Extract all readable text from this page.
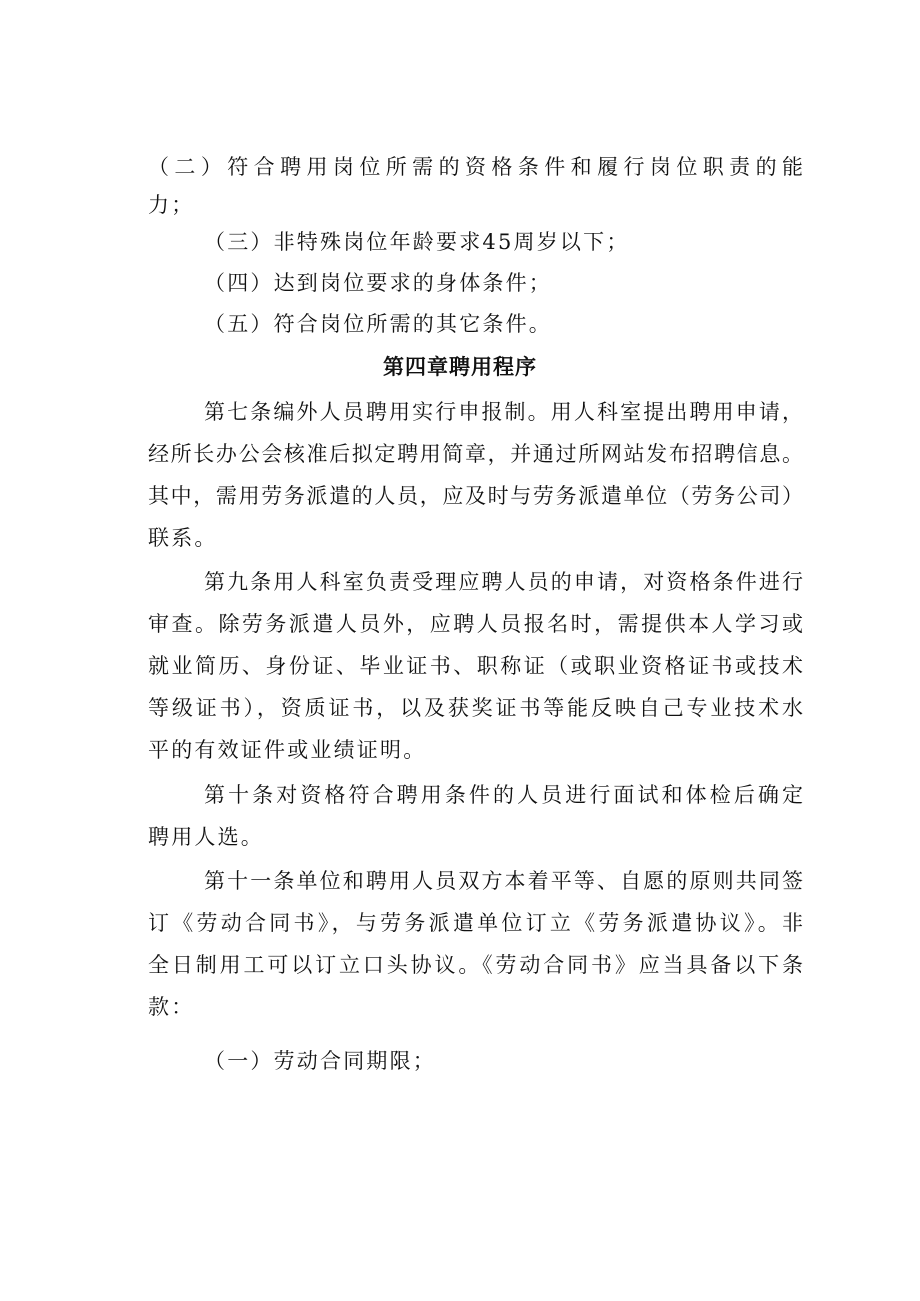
（二）符合聘用岗位所需的资格条件和履行岗位职责的能
力；
（三）非特殊岗位年龄要求45周岁以下；
（四）达到岗位要求的身体条件；
（五）符合岗位所需的其它条件。
第四章聘用程序
第七条编外人员聘用实行申报制。用人科室提出聘用申请，
经所长办公会核准后拟定聘用简章，并通过所网站发布招聘信息。
其中，需用劳务派遣的人员，应及时与劳务派遣单位（劳务公司）
联系。
第九条用人科室负责受理应聘人员的申请，对资格条件进行
审查。除劳务派遣人员外，应聘人员报名时，需提供本人学习或
就业简历、身份证、毕业证书、职称证（或职业资格证书或技术
等级证书），资质证书，以及获奖证书等能反映自己专业技术水
平的有效证件或业绩证明。
第十条对资格符合聘用条件的人员进行面试和体检后确定
聘用人选。
第十一条单位和聘用人员双方本着平等、自愿的原则共同签
订《劳动合同书》，与劳务派遣单位订立《劳务派遣协议》。非
全日制用工可以订立口头协议。《劳动合同书》应当具备以下条
款：
（一）劳动合同期限；
